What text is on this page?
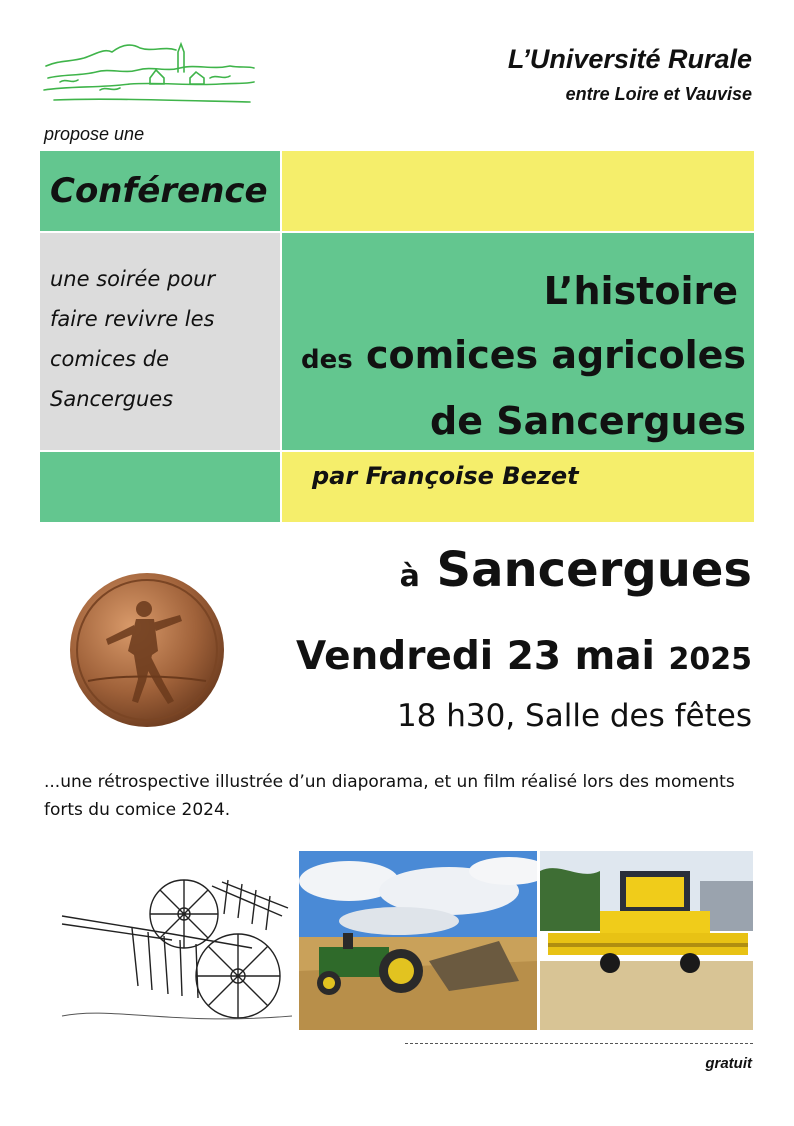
L’Université Rurale
entre Loire et Vauvise
propose une
Conférence
une soirée pour
faire revivre les
comices de
Sancergues
L’histoire
des comices agricoles
de Sancergues
par Françoise Bezet
à Sancergues
Vendredi 23 mai 2025
18 h30, Salle des fêtes
...une rétrospective illustrée d’un diaporama, et un film réalisé lors des moments forts du comice 2024.
gratuit
